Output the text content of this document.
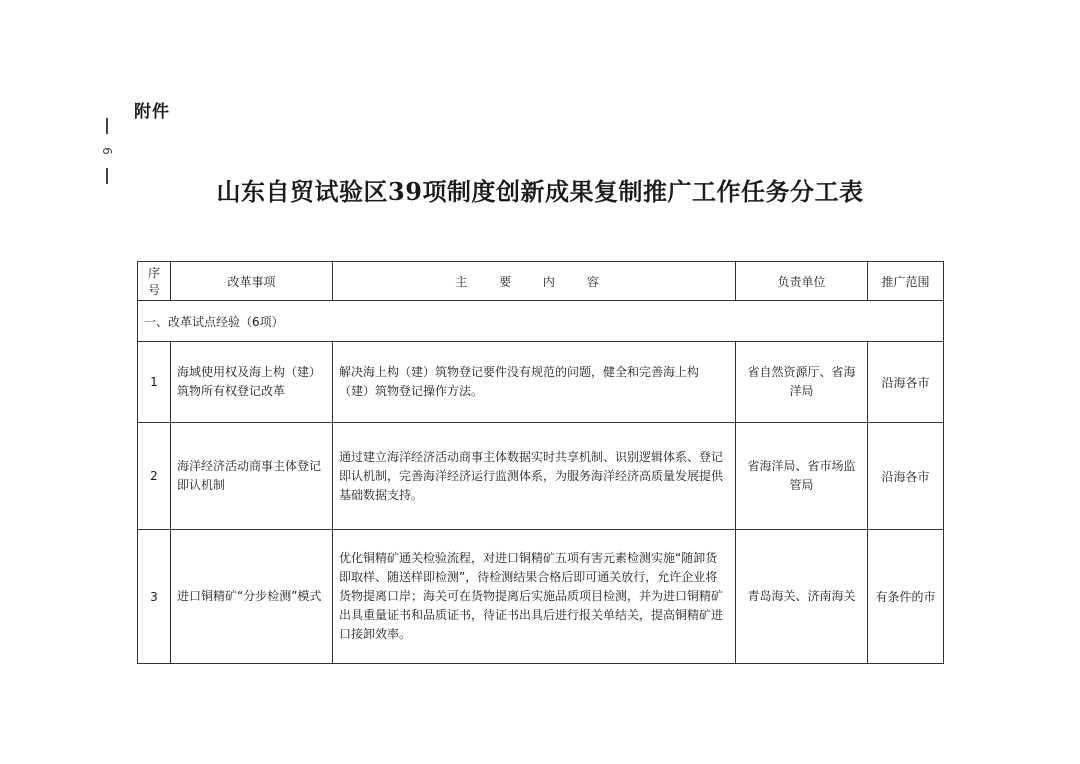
6
附件
山东自贸试验区39项制度创新成果复制推广工作任务分工表
序号	改革事项	主 要 内 容	负责单位	推广范围
一、改革试点经验（6项）				
1	海域使用权及海上构（建）筑物所有权登记改革	解决海上构（建）筑物登记要件没有规范的问题，健全和完善海上构（建）筑物登记操作方法。	省自然资源厅、省海洋局	沿海各市
2	海洋经济活动商事主体登记即认机制	通过建立海洋经济活动商事主体数据实时共享机制、识别逻辑体系、登记即认机制，完善海洋经济运行监测体系，为服务海洋经济高质量发展提供基础数据支持。	省海洋局、省市场监管局	沿海各市
3	进口铜精矿“分步检测”模式	优化铜精矿通关检验流程，对进口铜精矿五项有害元素检测实施“随卸货即取样、随送样即检测”，待检测结果合格后即可通关放行，允许企业将货物提离口岸；海关可在货物提离后实施品质项目检测，并为进口铜精矿出具重量证书和品质证书，待证书出具后进行报关单结关，提高铜精矿进口接卸效率。	青岛海关、济南海关	有条件的市
